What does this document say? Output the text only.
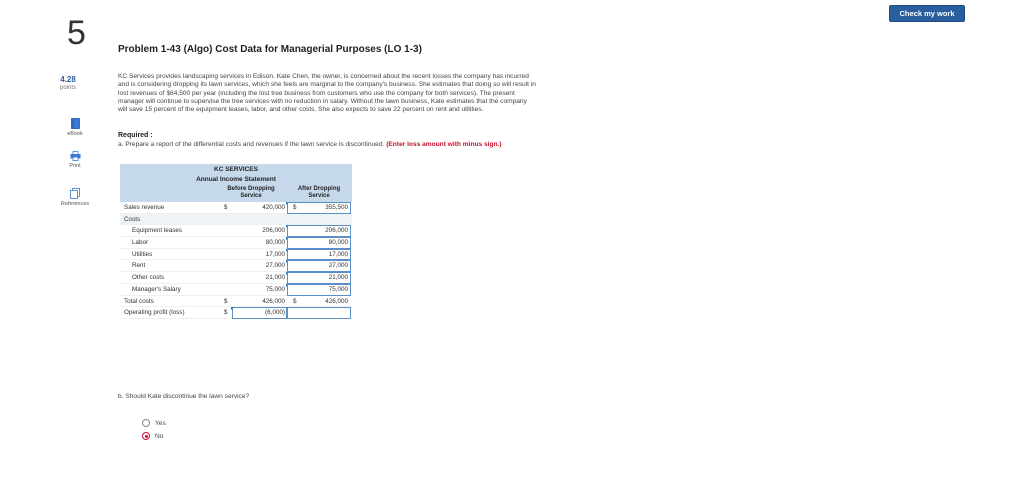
Check my work
5
4.28
points
eBook
Print
References
Problem 1-43 (Algo) Cost Data for Managerial Purposes (LO 1-3)
KC Services provides landscaping services in Edison. Kate Chen, the owner, is concerned about the recent losses the company has incurred
and is considering dropping its lawn services, which she feels are marginal to the company's business. She estimates that doing so will result in
lost revenues of $64,500 per year (including the lost tree business from customers who use the company for both services). The present
manager will continue to supervise the tree services with no reduction in salary. Without the lawn business, Kate estimates that the company
will save 15 percent of the equipment leases, labor, and other costs. She also expects to save 22 percent on rent and utilities.
Required :
a. Prepare a report of the differential costs and revenues if the lawn service is discontinued. (Enter loss amount with minus sign.)
KC SERVICES
Annual Income Statement
Before Dropping Service
After Dropping Service
Sales revenue	$	420,000 $	355,500
Costs
Equipment leases	206,000	206,000
Labor	80,000	80,000
Utilities	17,000	17,000
Rent	27,000	27,000
Other costs	21,000	21,000
Manager's Salary	75,000	75,000
Total costs	$	426,000 $	426,000
Operating profit (loss)	$	(6,000)
b. Should Kate discontinue the lawn service?
Yes
No
